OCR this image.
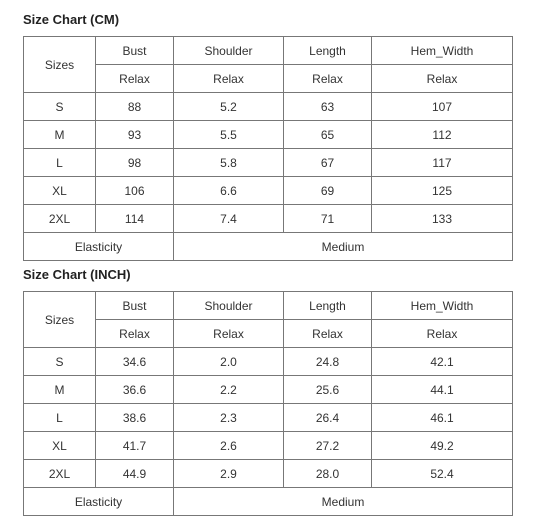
Size Chart (CM)
Sizes	Bust	Shoulder	Length	Hem_Width
	Relax	Relax	Relax	Relax
S	88	5.2	63	107
M	93	5.5	65	112
L	98	5.8	67	117
XL	106	6.6	69	125
2XL	114	7.4	71	133
Elasticity		Medium		
Size Chart (INCH)
Sizes	Bust	Shoulder	Length	Hem_Width
	Relax	Relax	Relax	Relax
S	34.6	2.0	24.8	42.1
M	36.6	2.2	25.6	44.1
L	38.6	2.3	26.4	46.1
XL	41.7	2.6	27.2	49.2
2XL	44.9	2.9	28.0	52.4
Elasticity		Medium		
